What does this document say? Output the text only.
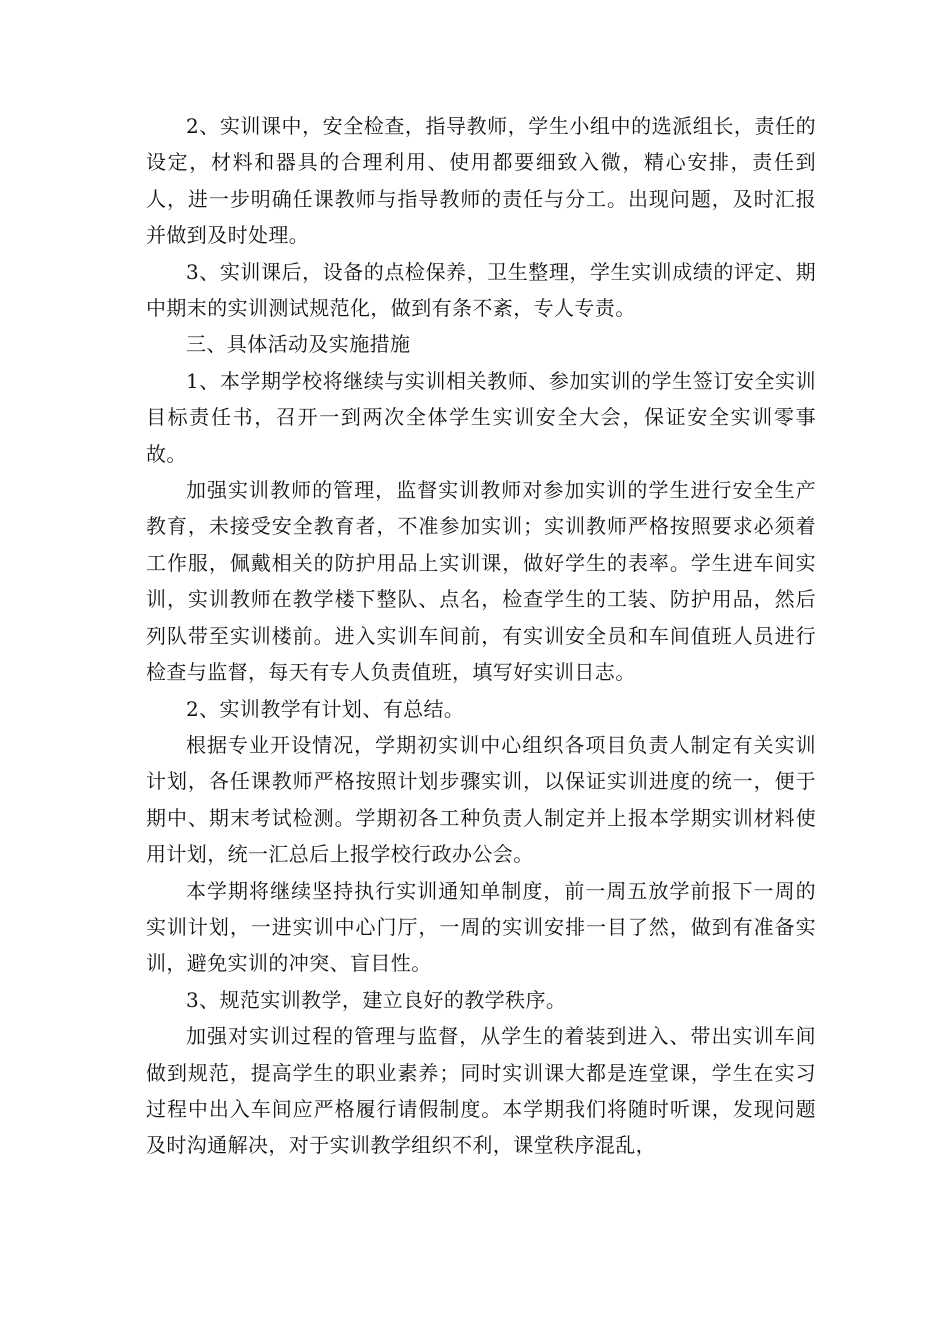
2、实训课中，安全检查，指导教师，学生小组中的选派组长，责任的设定，材料和器具的合理利用、使用都要细致入微，精心安排，责任到人，进一步明确任课教师与指导教师的责任与分工。出现问题，及时汇报并做到及时处理。

3、实训课后，设备的点检保养，卫生整理，学生实训成绩的评定、期中期末的实训测试规范化，做到有条不紊，专人专责。

三、具体活动及实施措施

1、本学期学校将继续与实训相关教师、参加实训的学生签订安全实训目标责任书，召开一到两次全体学生实训安全大会，保证安全实训零事故。

加强实训教师的管理，监督实训教师对参加实训的学生进行安全生产教育，未接受安全教育者，不准参加实训；实训教师严格按照要求必须着工作服，佩戴相关的防护用品上实训课，做好学生的表率。学生进车间实训，实训教师在教学楼下整队、点名，检查学生的工装、防护用品，然后列队带至实训楼前。进入实训车间前，有实训安全员和车间值班人员进行检查与监督，每天有专人负责值班，填写好实训日志。

2、实训教学有计划、有总结。

根据专业开设情况，学期初实训中心组织各项目负责人制定有关实训计划，各任课教师严格按照计划步骤实训，以保证实训进度的统一，便于期中、期末考试检测。学期初各工种负责人制定并上报本学期实训材料使用计划，统一汇总后上报学校行政办公会。

本学期将继续坚持执行实训通知单制度，前一周五放学前报下一周的实训计划，一进实训中心门厅，一周的实训安排一目了然，做到有准备实训，避免实训的冲突、盲目性。

3、规范实训教学，建立良好的教学秩序。

加强对实训过程的管理与监督，从学生的着装到进入、带出实训车间做到规范，提高学生的职业素养；同时实训课大都是连堂课，学生在实习过程中出入车间应严格履行请假制度。本学期我们将随时听课，发现问题及时沟通解决，对于实训教学组织不利，课堂秩序混乱，
